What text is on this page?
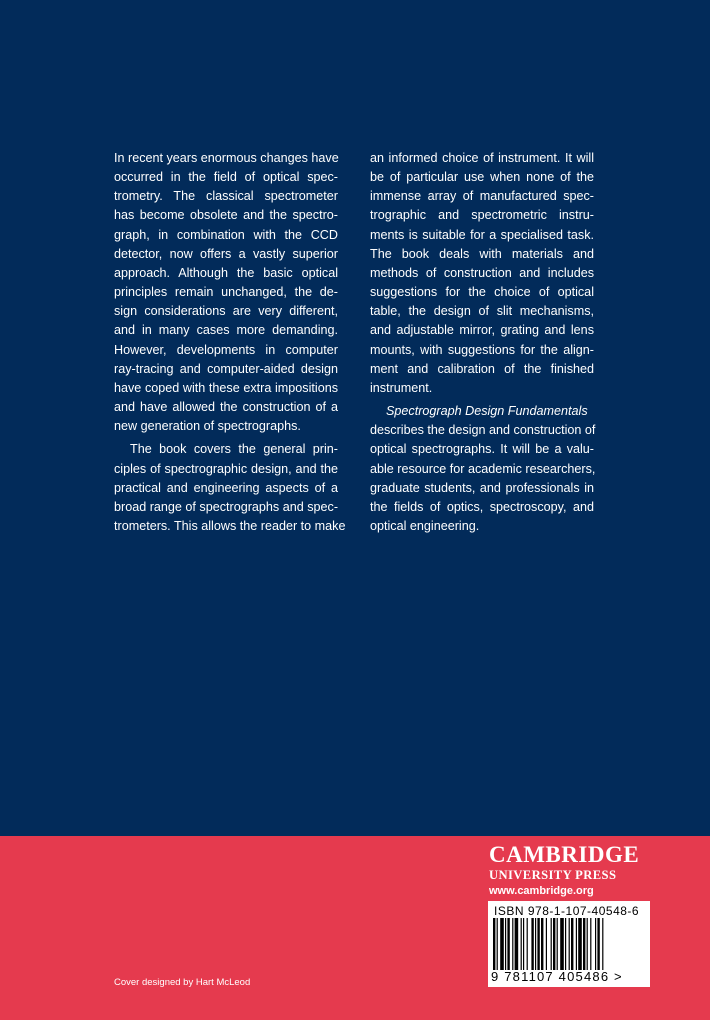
In recent years enormous changes have
occurred in the field of optical spec-
trometry. The classical spectrometer
has become obsolete and the spectro-
graph, in combination with the CCD
detector, now offers a vastly superior
approach. Although the basic optical
principles remain unchanged, the de-
sign considerations are very different,
and in many cases more demanding.
However, developments in computer
ray-tracing and computer-aided design
have coped with these extra impositions
and have allowed the construction of a
new generation of spectrographs.

The book covers the general prin-
ciples of spectrographic design, and the
practical and engineering aspects of a
broad range of spectrographs and spec-
trometers. This allows the reader to make

an informed choice of instrument. It will
be of particular use when none of the
immense array of manufactured spec-
trographic and spectrometric instru-
ments is suitable for a specialised task.
The book deals with materials and
methods of construction and includes
suggestions for the choice of optical
table, the design of slit mechanisms,
and adjustable mirror, grating and lens
mounts, with suggestions for the align-
ment and calibration of the finished
instrument.

Spectrograph Design Fundamentals
describes the design and construction of
optical spectrographs. It will be a valu-
able resource for academic researchers,
graduate students, and professionals in
the fields of optics, spectroscopy, and
optical engineering.

CAMBRIDGE
UNIVERSITY PRESS
www.cambridge.org
ISBN 978-1-107-40548-6
9 781107 405486 >
Cover designed by Hart McLeod
